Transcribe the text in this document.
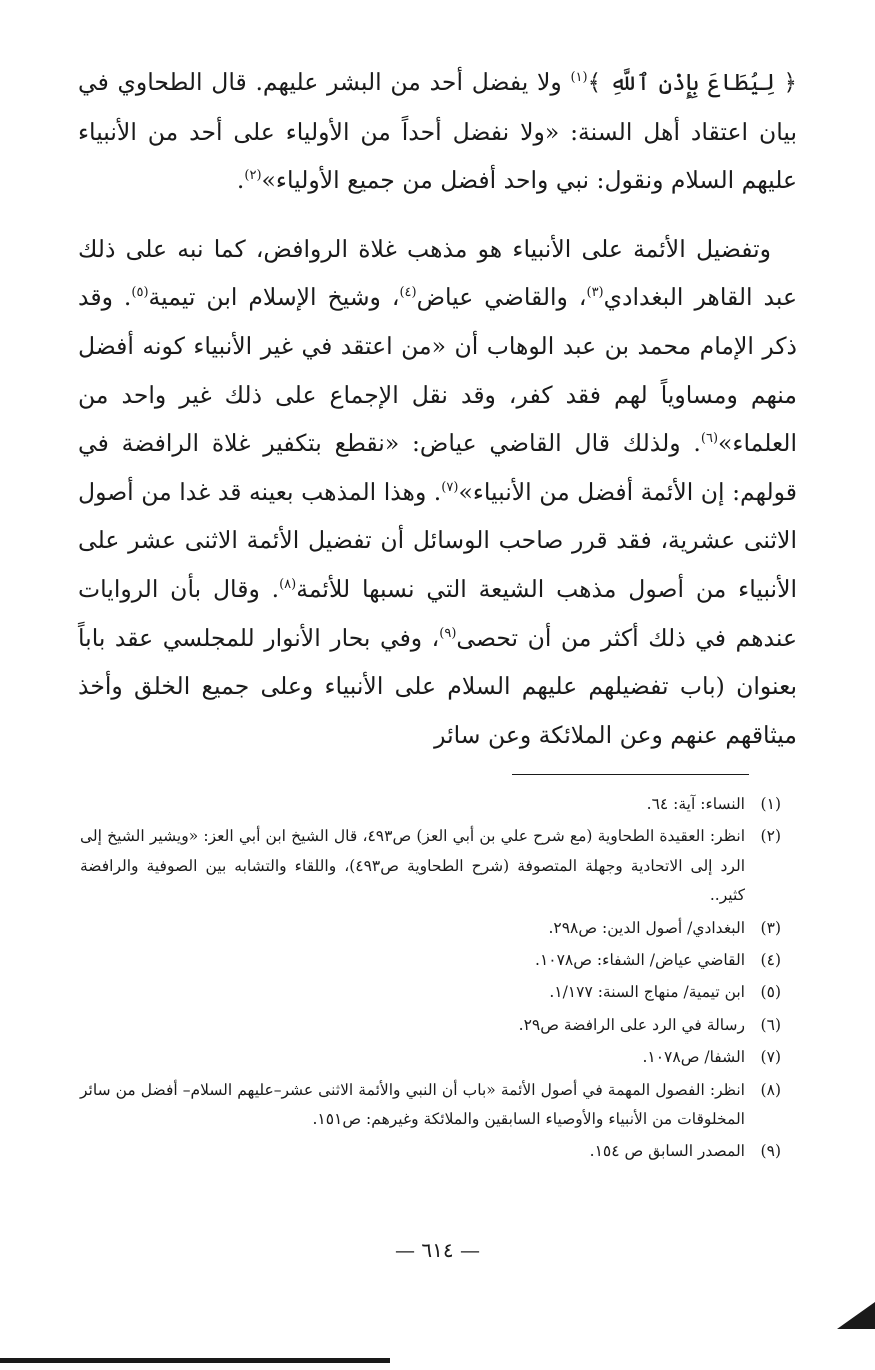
﴿ لِيُطَاعَ بِإِذْنِ ٱللَّهِ ﴾$^{(١)}$ ولا يفضل أحد من البشر عليهم. قال الطحاوي في بيان اعتقاد أهل السنة: «ولا نفضل أحداً من الأولياء على أحد من الأنبياء عليهم السلام ونقول: نبي واحد أفضل من جميع الأولياء»$^{(٢)}$.

وتفضيل الأئمة على الأنبياء هو مذهب غلاة الروافض، كما نبه على ذلك عبد القاهر البغدادي$^{(٣)}$، والقاضي عياض$^{(٤)}$، وشيخ الإسلام ابن تيمية$^{(٥)}$. وقد ذكر الإمام محمد بن عبد الوهاب أن «من اعتقد في غير الأنبياء كونه أفضل منهم ومساوياً لهم فقد كفر، وقد نقل الإجماع على ذلك غير واحد من العلماء»$^{(٦)}$. ولذلك قال القاضي عياض: «نقطع بتكفير غلاة الرافضة في قولهم: إن الأئمة أفضل من الأنبياء»$^{(٧)}$. وهذا المذهب بعينه قد غدا من أصول الاثنى عشرية، فقد قرر صاحب الوسائل أن تفضيل الأئمة الاثنى عشر على الأنبياء من أصول مذهب الشيعة التي نسبها للأئمة$^{(٨)}$. وقال بأن الروايات عندهم في ذلك أكثر من أن تحصى$^{(٩)}$، وفي بحار الأنوار للمجلسي عقد باباً بعنوان (باب تفضيلهم عليهم السلام على الأنبياء وعلى جميع الخلق وأخذ ميثاقهم عنهم وعن الملائكة وعن سائر

(١)
النساء: آية: ٦٤.
(٢)
انظر: العقيدة الطحاوية (مع شرح علي بن أبي العز) ص٤٩٣، قال الشيخ ابن أبي العز: «ويشير الشيخ إلى الرد إلى الاتحادية وجهلة المتصوفة (شرح الطحاوية ص٤٩٣)، واللقاء والتشابه بين الصوفية والرافضة كثير..
(٣)
البغدادي/ أصول الدين: ص٢٩٨.
(٤)
القاضي عياض/ الشفاء: ص١٠٧٨.
(٥)
ابن تيمية/ منهاج السنة: ١/١٧٧.
(٦)
رسالة في الرد على الرافضة ص٢٩.
(٧)
الشفا/ ص١٠٧٨.
(٨)
انظر: الفصول المهمة في أصول الأئمة «باب أن النبي والأئمة الاثنى عشر–عليهم السلام– أفضل من سائر المخلوقات من الأنبياء والأوصياء السابقين والملائكة وغيرهم: ص١٥١.
(٩)
المصدر السابق ص ١٥٤.
— ٦١٤ —
